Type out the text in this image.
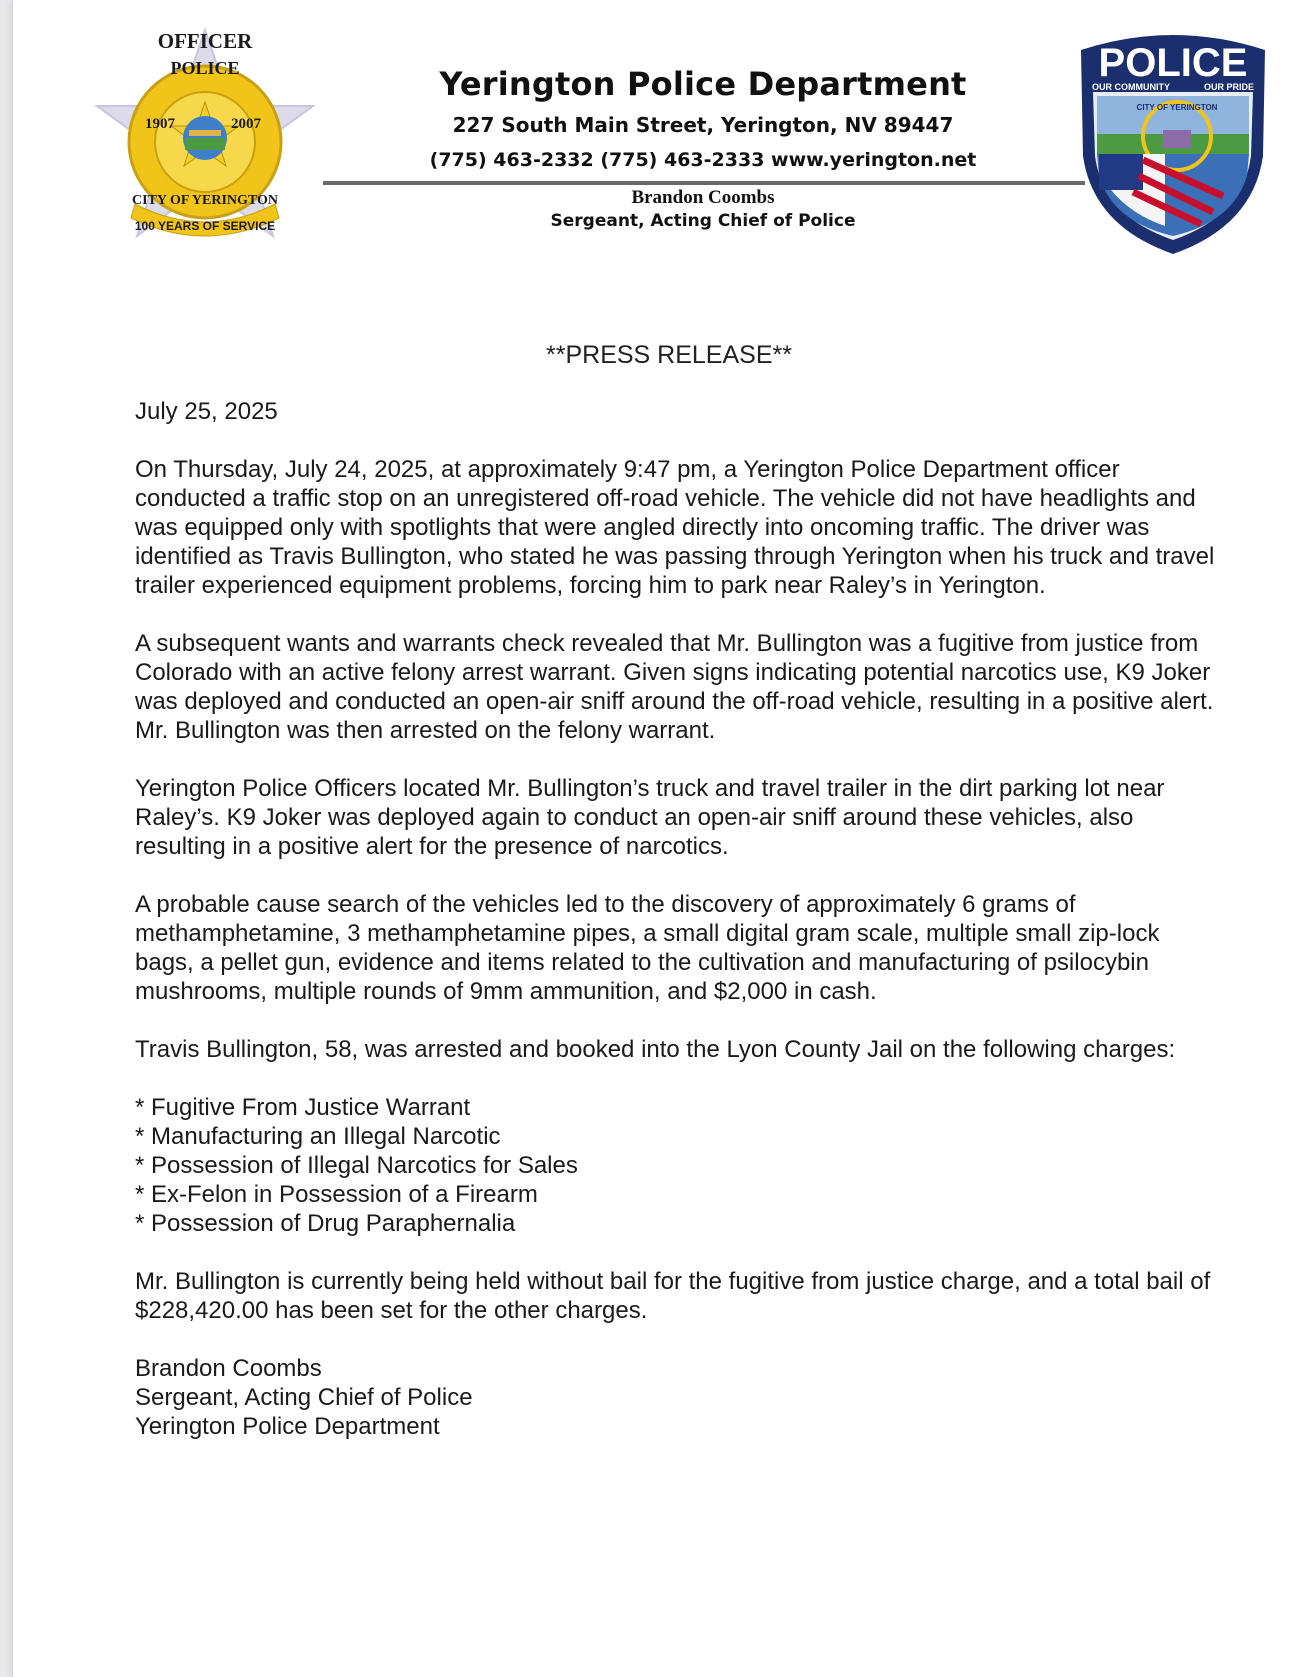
OFFICER
POLICE
1907	2007
CITY OF YERINGTON
100 YEARS OF SERVICE
Yerington Police Department
227 South Main Street, Yerington, NV 89447
(775) 463-2332 (775) 463-2333 www.yerington.net
Brandon Coombs
Sergeant, Acting Chief of Police
POLICE
OUR COMMUNITY	OUR PRIDE
CITY OF YERINGTON
**PRESS RELEASE**

July 25, 2025

On Thursday, July 24, 2025, at approximately 9:47 pm, a Yerington Police Department officer conducted a traffic stop on an unregistered off-road vehicle. The vehicle did not have headlights and was equipped only with spotlights that were angled directly into oncoming traffic. The driver was identified as Travis Bullington, who stated he was passing through Yerington when his truck and travel trailer experienced equipment problems, forcing him to park near Raley’s in Yerington.

A subsequent wants and warrants check revealed that Mr. Bullington was a fugitive from justice from Colorado with an active felony arrest warrant. Given signs indicating potential narcotics use, K9 Joker was deployed and conducted an open-air sniff around the off-road vehicle, resulting in a positive alert. Mr. Bullington was then arrested on the felony warrant.

Yerington Police Officers located Mr. Bullington’s truck and travel trailer in the dirt parking lot near Raley’s. K9 Joker was deployed again to conduct an open-air sniff around these vehicles, also resulting in a positive alert for the presence of narcotics.

A probable cause search of the vehicles led to the discovery of approximately 6 grams of methamphetamine, 3 methamphetamine pipes, a small digital gram scale, multiple small zip-lock bags, a pellet gun, evidence and items related to the cultivation and manufacturing of psilocybin mushrooms, multiple rounds of 9mm ammunition, and $2,000 in cash.

Travis Bullington, 58, was arrested and booked into the Lyon County Jail on the following charges:

* Fugitive From Justice Warrant
* Manufacturing an Illegal Narcotic
* Possession of Illegal Narcotics for Sales
* Ex-Felon in Possession of a Firearm
* Possession of Drug Paraphernalia

Mr. Bullington is currently being held without bail for the fugitive from justice charge, and a total bail of $228,420.00 has been set for the other charges.

Brandon Coombs
Sergeant, Acting Chief of Police
Yerington Police Department
